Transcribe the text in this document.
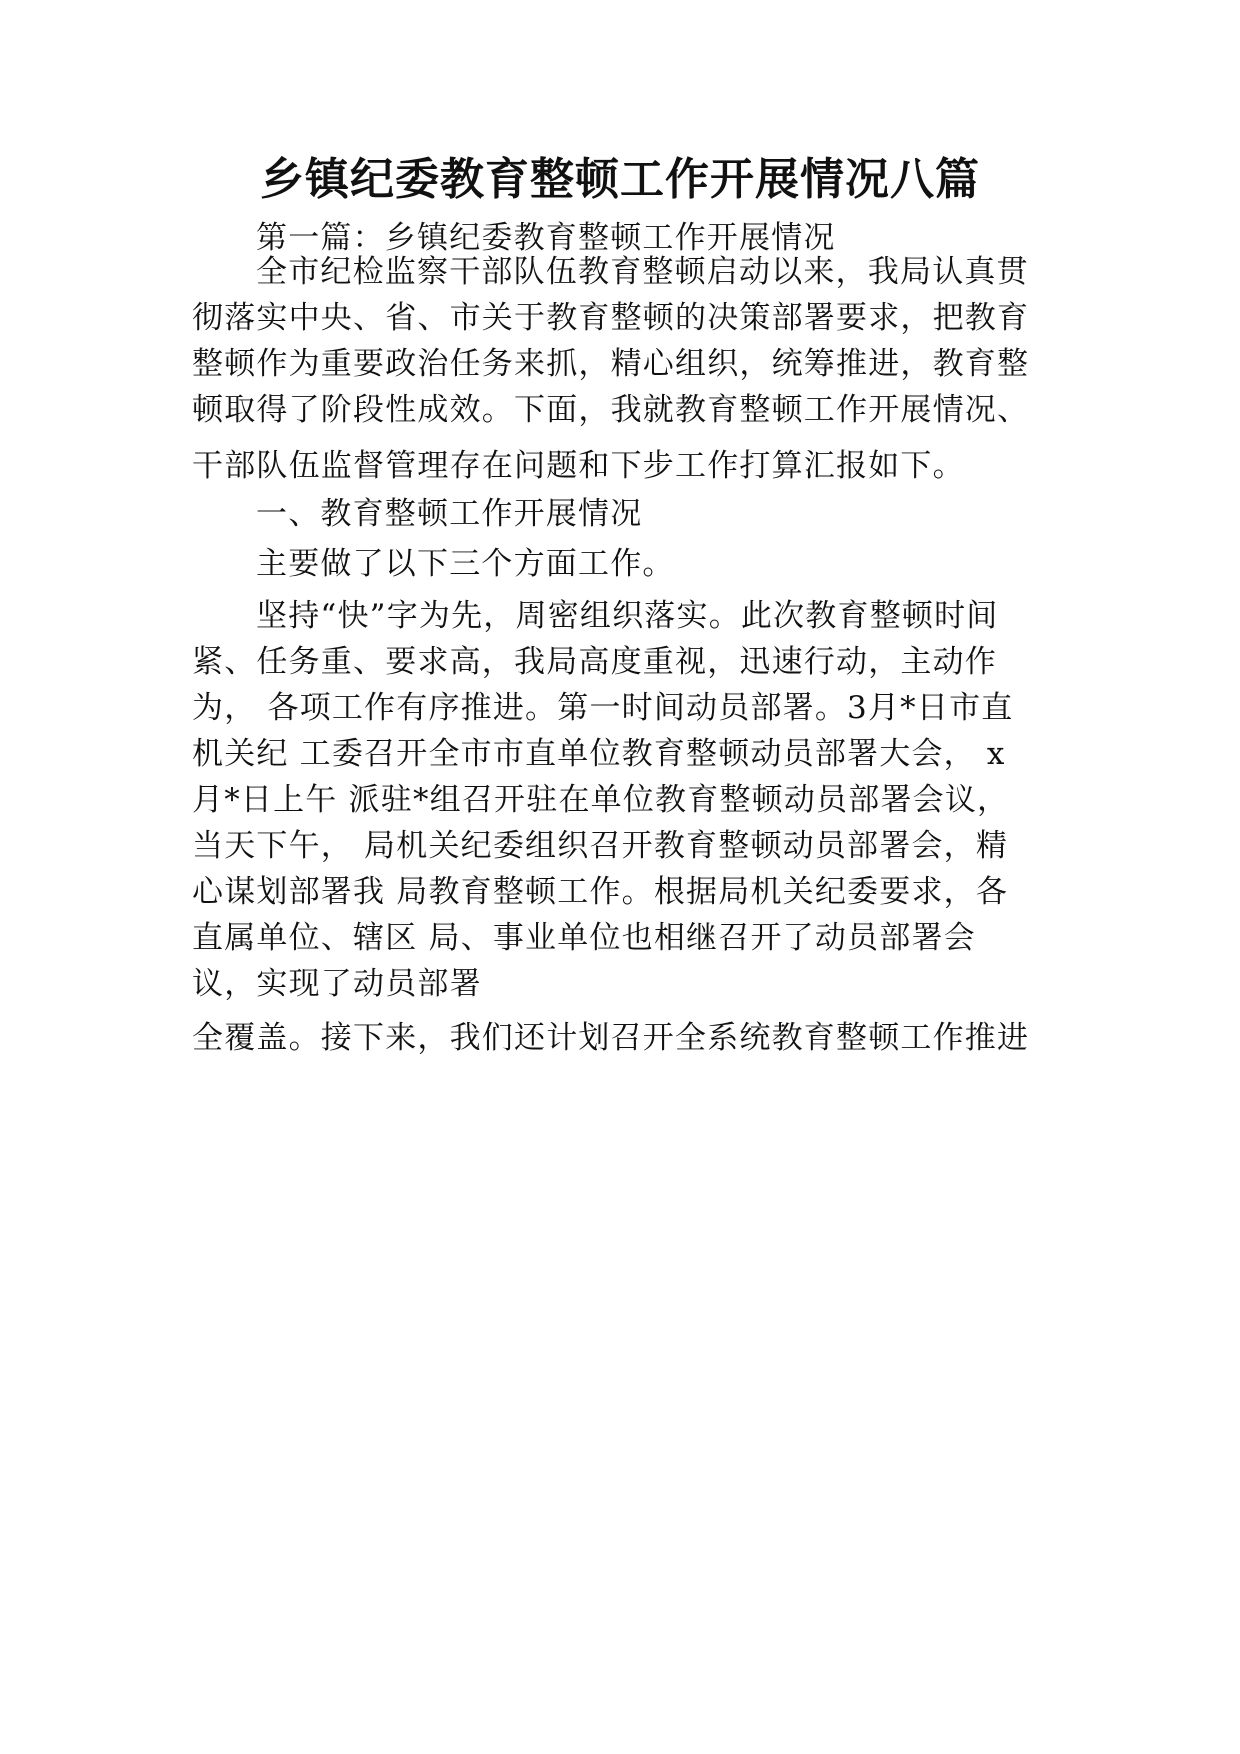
乡镇纪委教育整顿工作开展情况八篇
第一篇：乡镇纪委教育整顿工作开展情况
全市纪检监察干部队伍教育整顿启动以来，我局认真贯
彻落实中央、省、市关于教育整顿的决策部署要求，把教育
整顿作为重要政治任务来抓，精心组织，统筹推进，教育整
顿取得了阶段性成效。下面，我就教育整顿工作开展情况、
干部队伍监督管理存在问题和下步工作打算汇报如下。
一、教育整顿工作开展情况
主要做了以下三个方面工作。
坚持“快”字为先，周密组织落实。此次教育整顿时间
紧、任务重、要求高，我局高度重视，迅速行动，主动作
为， 各项工作有序推进。第一时间动员部署。3月*日市直
机关纪 工委召开全市市直单位教育整顿动员部署大会， x
月*日上午 派驻*组召开驻在单位教育整顿动员部署会议，
当天下午， 局机关纪委组织召开教育整顿动员部署会，精
心谋划部署我 局教育整顿工作。根据局机关纪委要求，各
直属单位、辖区 局、事业单位也相继召开了动员部署会
议，实现了动员部署
全覆盖。接下来，我们还计划召开全系统教育整顿工作推进
